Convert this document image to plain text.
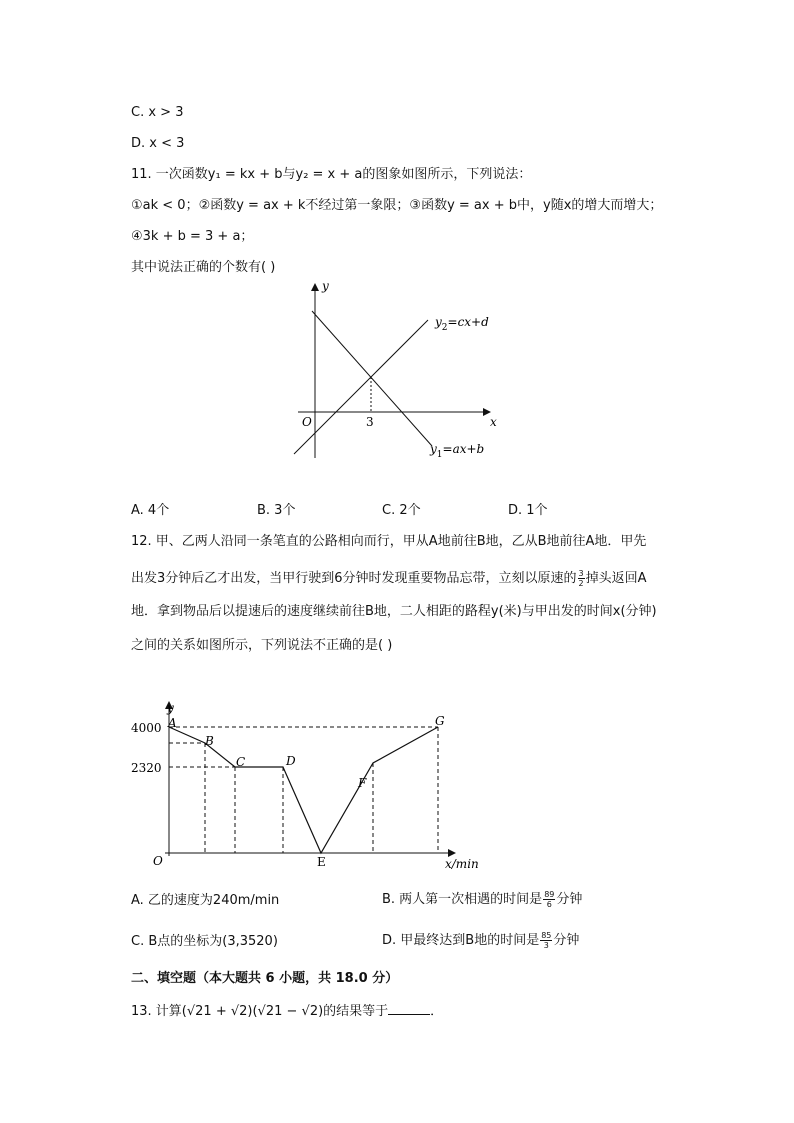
C. x > 3
D. x < 3
11. 一次函数y₁ = kx + b与y₂ = x + a的图象如图所示，下列说法：
①ak < 0；②函数y = ax + k不经过第一象限；③函数y = ax + b中，y随x的增大而增大；
④3k + b = 3 + a；
其中说法正确的个数有( )
y
x
O	3
$y_2=cx+d$
$y_1=ax+b$
A. 4个	B. 3个	C. 2个	D. 1个
12. 甲、乙两人沿同一条笔直的公路相向而行，甲从A地前往B地，乙从B地前往A地．甲先
出发3分钟后乙才出发，当甲行驶到6分钟时发现重要物品忘带，立刻以原速的 $\frac{3}{2}$ 掉头返回A
地．拿到物品后以提速后的速度继续前往B地，二人相距的路程y(米)与甲出发的时间x(分钟)
之间的关系如图所示，下列说法不正确的是( )
y
4000
2320
O	x/min
A
B
C	D
E
F
G
A. 乙的速度为240m/min	B. 两人第一次相遇的时间是 $\frac{89}{6}$ 分钟
C. B点的坐标为(3,3520)	D. 甲最终达到B地的时间是 $\frac{85}{3}$ 分钟
二、填空题（本大题共 6 小题，共 18.0 分）
13. 计算(√21 + √2)(√21 − √2)的结果等于	．
